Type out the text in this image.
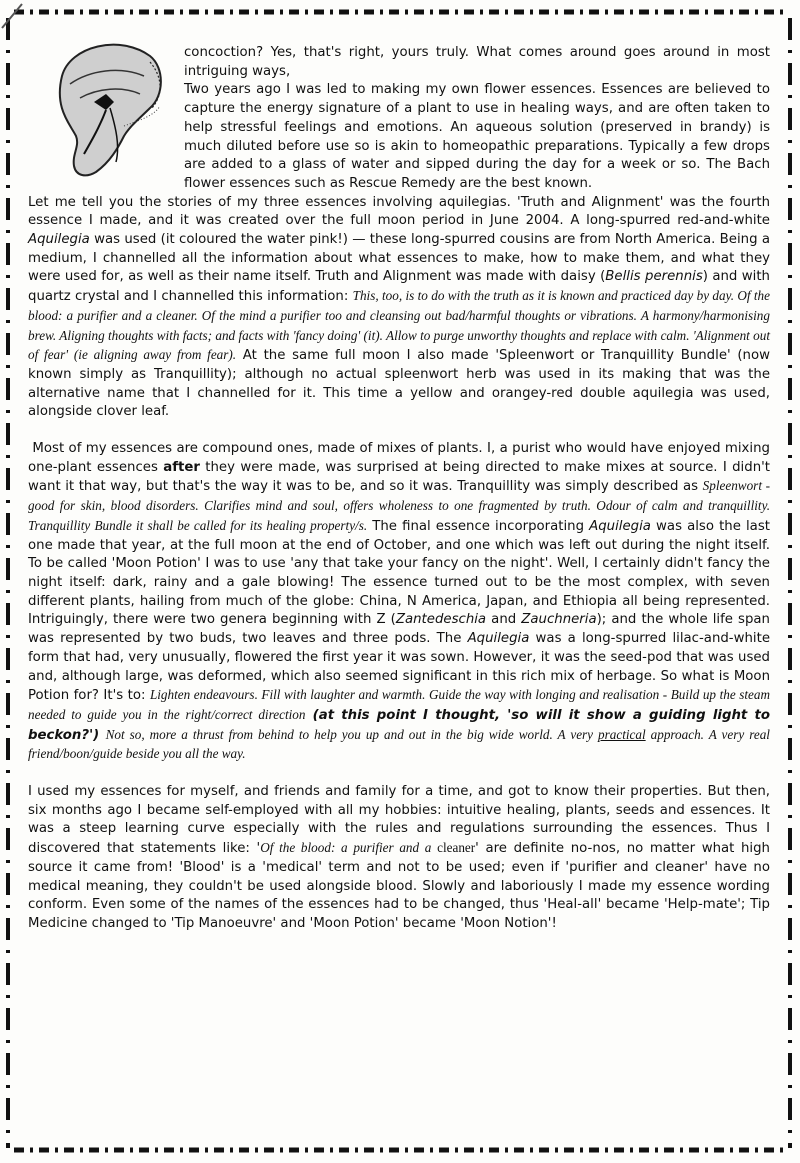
concoction? Yes, that's right, yours truly. What comes around goes around in most intriguing ways,

Two years ago I was led to making my own flower essences. Essences are believed to capture the energy signature of a plant to use in healing ways, and are often taken to help stressful feelings and emotions. An aqueous solution (preserved in brandy) is much diluted before use so is akin to homeopathic preparations. Typically a few drops are added to a glass of water and sipped during the day for a week or so. The Bach flower essences such as Rescue Remedy are the best known.

Let me tell you the stories of my three essences involving aquilegias. 'Truth and Alignment' was the fourth essence I made, and it was created over the full moon period in June 2004. A long-spurred red-and-white Aquilegia was used (it coloured the water pink!) — these long-spurred cousins are from North America. Being a medium, I channelled all the information about what essences to make, how to make them, and what they were used for, as well as their name itself. Truth and Alignment was made with daisy (Bellis perennis) and with quartz crystal and I channelled this information: This, too, is to do with the truth as it is known and practiced day by day. Of the blood: a purifier and a cleaner. Of the mind a purifier too and cleansing out bad/harmful thoughts or vibrations. A harmony/harmonising brew. Aligning thoughts with facts; and facts with 'fancy doing' (it). Allow to purge unworthy thoughts and replace with calm. 'Alignment out of fear' (ie aligning away from fear). At the same full moon I also made 'Spleenwort or Tranquillity Bundle' (now known simply as Tranquillity); although no actual spleenwort herb was used in its making that was the alternative name that I channelled for it. This time a yellow and orangey-red double aquilegia was used, alongside clover leaf.

Most of my essences are compound ones, made of mixes of plants. I, a purist who would have enjoyed mixing one-plant essences after they were made, was surprised at being directed to make mixes at source. I didn't want it that way, but that's the way it was to be, and so it was. Tranquillity was simply described as Spleenwort -good for skin, blood disorders. Clarifies mind and soul, offers wholeness to one fragmented by truth. Odour of calm and tranquillity. Tranquillity Bundle it shall be called for its healing property/s. The final essence incorporating Aquilegia was also the last one made that year, at the full moon at the end of October, and one which was left out during the night itself. To be called 'Moon Potion' I was to use 'any that take your fancy on the night'. Well, I certainly didn't fancy the night itself: dark, rainy and a gale blowing! The essence turned out to be the most complex, with seven different plants, hailing from much of the globe: China, N America, Japan, and Ethiopia all being represented. Intriguingly, there were two genera beginning with Z (Zantedeschia and Zauchneria); and the whole life span was represented by two buds, two leaves and three pods. The Aquilegia was a long-spurred lilac-and-white form that had, very unusually, flowered the first year it was sown. However, it was the seed-pod that was used and, although large, was deformed, which also seemed significant in this rich mix of herbage. So what is Moon Potion for? It's to: Lighten endeavours. Fill with laughter and warmth. Guide the way with longing and realisation - Build up the steam needed to guide you in the right/correct direction (at this point I thought, 'so will it show a guiding light to beckon?') Not so, more a thrust from behind to help you up and out in the big wide world. A very practical approach. A very real friend/boon/guide beside you all the way.

I used my essences for myself, and friends and family for a time, and got to know their properties. But then, six months ago I became self-employed with all my hobbies: intuitive healing, plants, seeds and essences. It was a steep learning curve especially with the rules and regulations surrounding the essences. Thus I discovered that statements like: 'Of the blood: a purifier and a cleaner' are definite no-nos, no matter what high source it came from! 'Blood' is a 'medical' term and not to be used; even if 'purifier and cleaner' have no medical meaning, they couldn't be used alongside blood. Slowly and laboriously I made my essence wording conform. Even some of the names of the essences had to be changed, thus 'Heal-all' became 'Help-mate'; Tip Medicine changed to 'Tip Manoeuvre' and 'Moon Potion' became 'Moon Notion'!
